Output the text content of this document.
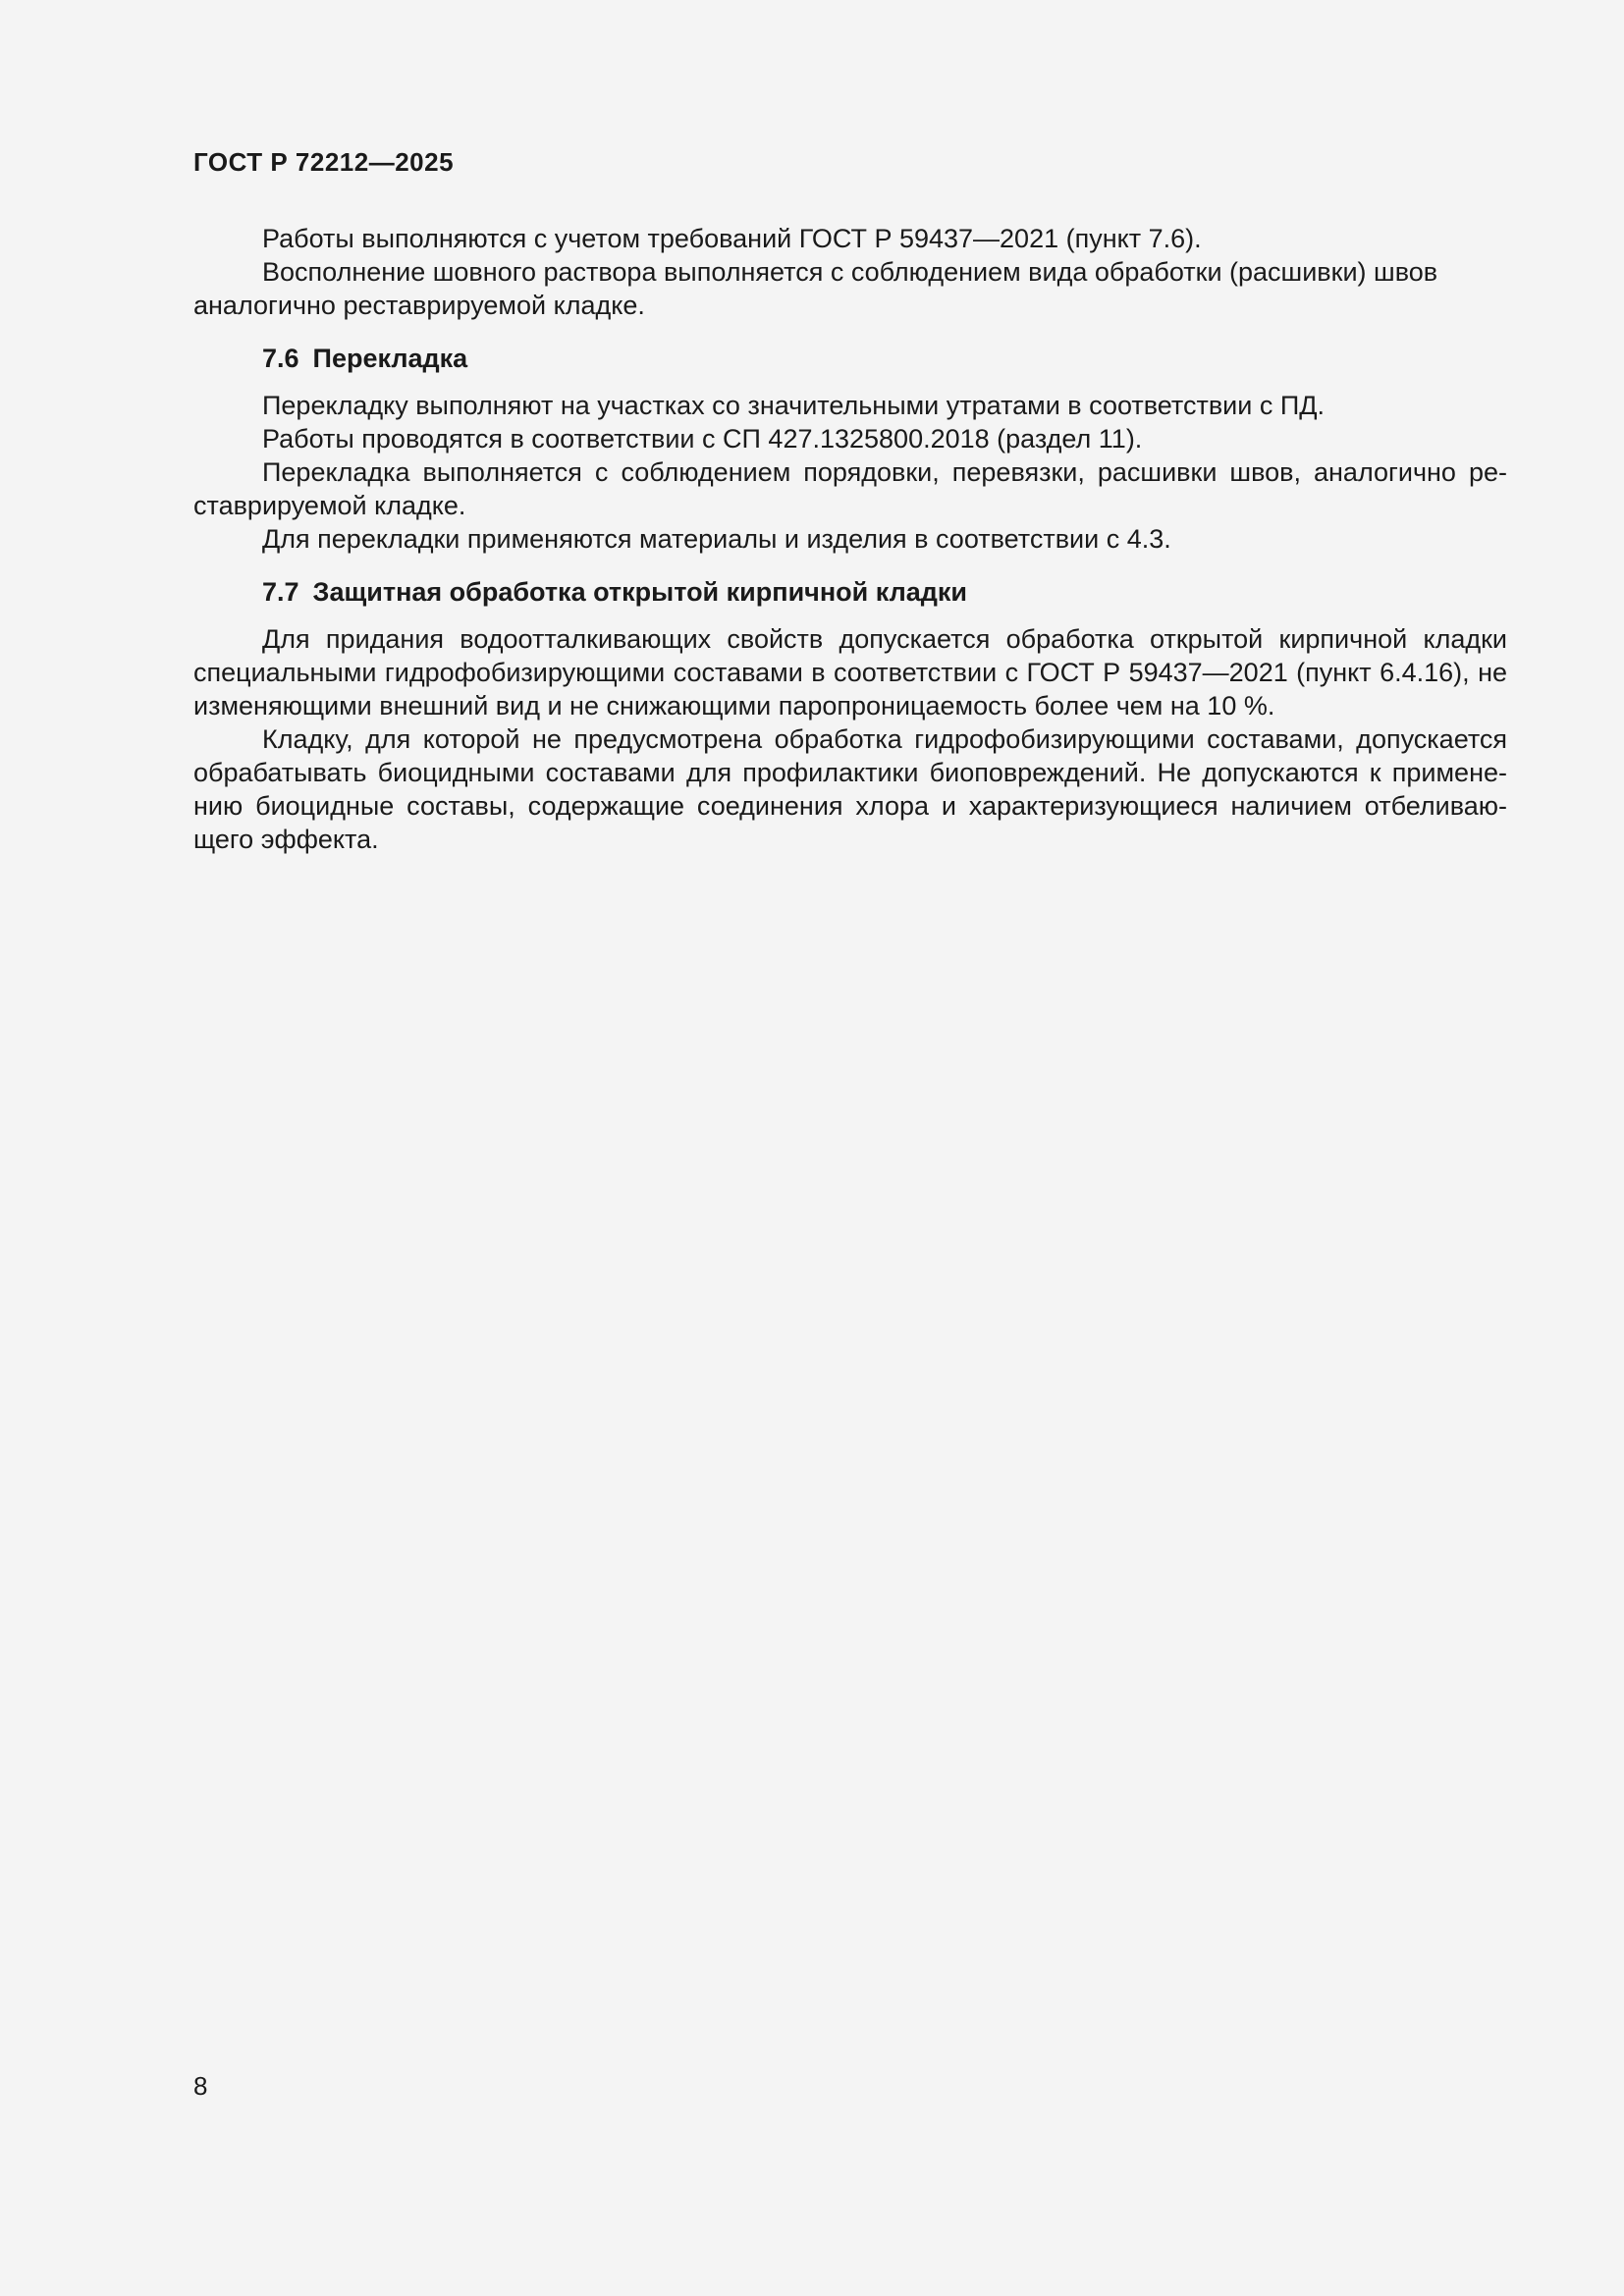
ГОСТ Р 72212—2025

Работы выполняются с учетом требований ГОСТ Р 59437—2021 (пункт 7.6).

Восполнение шовного раствора выполняется с соблюдением вида обработки (расшивки) швов аналогично реставрируемой кладке.

7.6 Перекладка

Перекладку выполняют на участках со значительными утратами в соответствии с ПД.

Работы проводятся в соответствии с СП 427.1325800.2018 (раздел 11).

Перекладка выполняется с соблюдением порядовки, перевязки, расшивки швов, аналогично реставрируемой кладке.

Для перекладки применяются материалы и изделия в соответствии с 4.3.

7.7 Защитная обработка открытой кирпичной кладки

Для придания водоотталкивающих свойств допускается обработка открытой кирпичной кладки специальными гидрофобизирующими составами в соответствии с ГОСТ Р 59437—2021 (пункт 6.4.16), не изменяющими внешний вид и не снижающими паропроницаемость более чем на 10 %.

Кладку, для которой не предусмотрена обработка гидрофобизирующими составами, допускается обрабатывать биоцидными составами для профилактики биоповреждений. Не допускаются к применению биоцидные составы, содержащие соединения хлора и характеризующиеся наличием отбеливающего эффекта.

8
